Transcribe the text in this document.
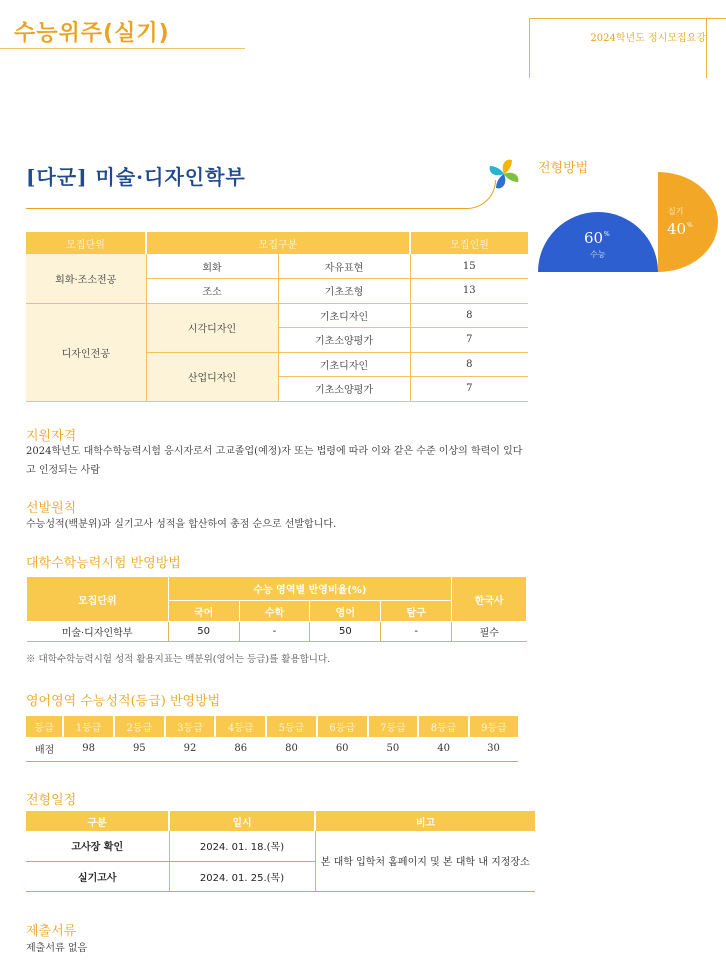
수능위주(실기)	2024학년도 정시모집요강
[다군] 미술·디자인학부	전형방법
60 %
수능
실기
40 %
모집단위	모집구분		모집인원
회화·조소전공	회화	자유표현	15
	조소	기초조형	13
디자인전공	시각디자인	기초디자인	8
		기초소양평가	7
	산업디자인	기초디자인	8
		기초소양평가	7
지원자격
2024학년도 대학수학능력시험 응시자로서 고교졸업(예정)자 또는 법령에 따라 이와 같은 수준 이상의 학력이 있다고 인정되는 사람
선발원칙
수능성적(백분위)과 실기고사 성적을 합산하여 총점 순으로 선발합니다.
대학수학능력시험 반영방법
모집단위	수능 영역별 반영비율(%)				한국사
	국어	수학	영어	탐구	
미술·디자인학부	50	-	50	-	필수
※ 대학수학능력시험 성적 활용지표는 백분위(영어는 등급)를 활용합니다.
영어영역 수능성적(등급) 반영방법
등급	1등급	2등급	3등급	4등급	5등급	6등급	7등급	8등급	9등급
배점	98	95	92	86	80	60	50	40	30
전형일정
구분	일시	비고
고사장 확인	2024. 01. 18.(목)	본 대학 입학처 홈페이지 및 본 대학 내 지정장소
실기고사	2024. 01. 25.(목)	
제출서류
제출서류 없음
